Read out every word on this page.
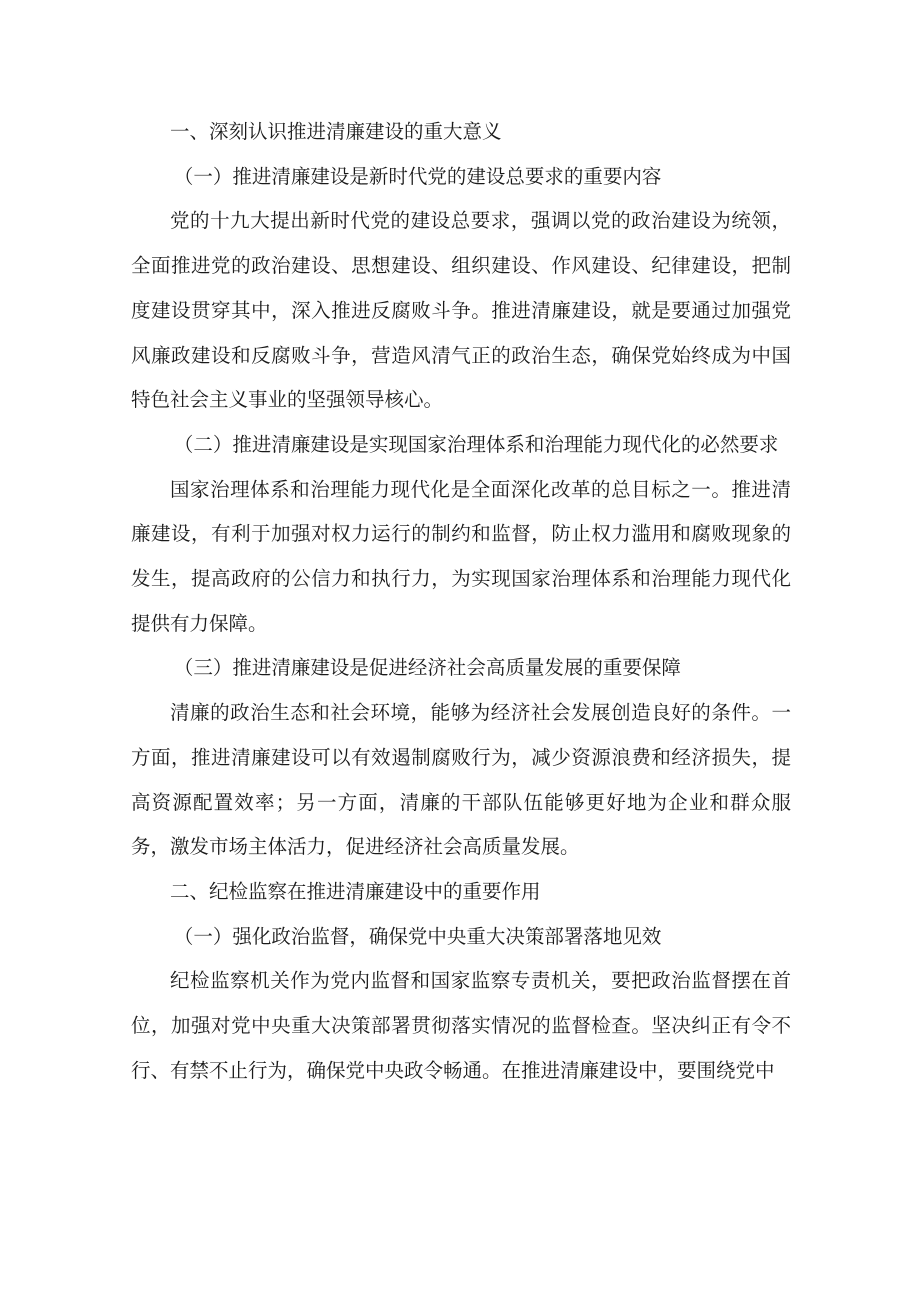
一、深刻认识推进清廉建设的重大意义

（一）推进清廉建设是新时代党的建设总要求的重要内容

党的十九大提出新时代党的建设总要求，强调以党的政治建设为统领，全面推进党的政治建设、思想建设、组织建设、作风建设、纪律建设，把制度建设贯穿其中，深入推进反腐败斗争。推进清廉建设，就是要通过加强党风廉政建设和反腐败斗争，营造风清气正的政治生态，确保党始终成为中国特色社会主义事业的坚强领导核心。

（二）推进清廉建设是实现国家治理体系和治理能力现代化的必然要求

国家治理体系和治理能力现代化是全面深化改革的总目标之一。推进清廉建设，有利于加强对权力运行的制约和监督，防止权力滥用和腐败现象的发生，提高政府的公信力和执行力，为实现国家治理体系和治理能力现代化提供有力保障。

（三）推进清廉建设是促进经济社会高质量发展的重要保障

清廉的政治生态和社会环境，能够为经济社会发展创造良好的条件。一方面，推进清廉建设可以有效遏制腐败行为，减少资源浪费和经济损失，提高资源配置效率；另一方面，清廉的干部队伍能够更好地为企业和群众服务，激发市场主体活力，促进经济社会高质量发展。

二、纪检监察在推进清廉建设中的重要作用

（一）强化政治监督，确保党中央重大决策部署落地见效

纪检监察机关作为党内监督和国家监察专责机关，要把政治监督摆在首位，加强对党中央重大决策部署贯彻落实情况的监督检查。坚决纠正有令不行、有禁不止行为，确保党中央政令畅通。在推进清廉建设中，要围绕党中
